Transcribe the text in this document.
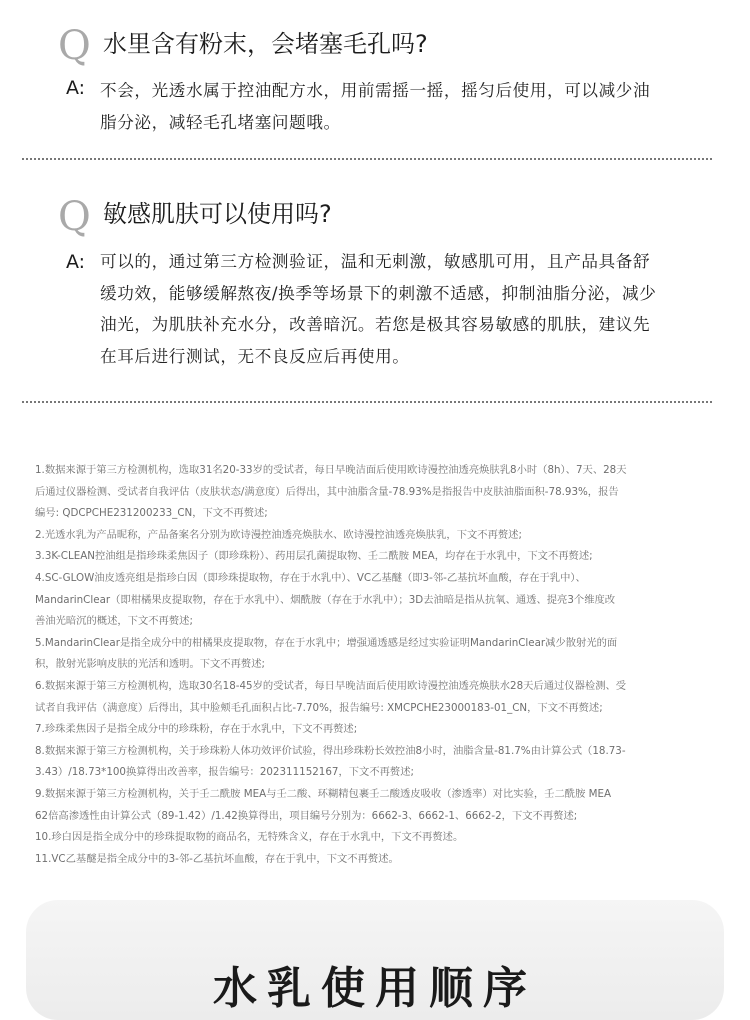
Q 水里含有粉末，会堵塞毛孔吗?
A: 不会，光透水属于控油配方水，用前需摇一摇，摇匀后使用，可以减少油
脂分泌，减轻毛孔堵塞问题哦。
Q 敏感肌肤可以使用吗?
A: 可以的，通过第三方检测验证，温和无刺激，敏感肌可用，且产品具备舒
缓功效，能够缓解熬夜/换季等场景下的刺激不适感，抑制油脂分泌，减少
油光，为肌肤补充水分，改善暗沉。若您是极其容易敏感的肌肤，建议先
在耳后进行测试，无不良反应后再使用。

1.数据来源于第三方检测机构，选取31名20-33岁的受试者，每日早晚洁面后使用欧诗漫控油透亮焕肤乳8小时（8h）、7天、28天

后通过仪器检测、受试者自我评估（皮肤状态/满意度）后得出，其中油脂含量-78.93%是指报告中皮肤油脂面积-78.93%，报告

编号: QDCPCHE231200233_CN，下文不再赘述;

2.光透水乳为产品昵称，产品备案名分别为欧诗漫控油透亮焕肤水、欧诗漫控油透亮焕肤乳，下文不再赘述;

3.3K-CLEAN控油组是指珍珠柔焦因子（即珍珠粉）、药用层孔菌提取物、壬二酰胺 MEA，均存在于水乳中，下文不再赘述;

4.SC-GLOW油皮透亮组是指珍白因（即珍珠提取物，存在于水乳中）、VC乙基醚（即3-邻-乙基抗坏血酸，存在于乳中）、

MandarinClear（即柑橘果皮提取物，存在于水乳中）、烟酰胺（存在于水乳中）；3D去油暗是指从抗氧、通透、提亮3个维度改

善油光暗沉的概述，下文不再赘述;

5.MandarinClear是指全成分中的柑橘果皮提取物，存在于水乳中；增强通透感是经过实验证明MandarinClear减少散射光的面

积，散射光影响皮肤的光活和透明。下文不再赘述;

6.数据来源于第三方检测机构，选取30名18-45岁的受试者，每日早晚洁面后使用欧诗漫控油透亮焕肤水28天后通过仪器检测、受

试者自我评估（满意度）后得出，其中脸颊毛孔面积占比-7.70%，报告编号: XMCPCHE23000183-01_CN，下文不再赘述;

7.珍珠柔焦因子是指全成分中的珍珠粉，存在于水乳中，下文不再赘述;

8.数据来源于第三方检测机构，关于珍珠粉人体功效评价试验，得出珍珠粉长效控油8小时，油脂含量-81.7%由计算公式（18.73-

3.43）/18.73*100换算得出改善率，报告编号：202311152167，下文不再赘述;

9.数据来源于第三方检测机构，关于壬二酰胺 MEA与壬二酸、环糊精包裹壬二酸透皮吸收（渗透率）对比实验，壬二酰胺 MEA

62倍高渗透性由计算公式（89-1.42）/1.42换算得出，项目编号分别为：6662-3、6662-1、6662-2，下文不再赘述;

10.珍白因是指全成分中的珍珠提取物的商品名，无特殊含义，存在于水乳中，下文不再赘述。

11.VC乙基醚是指全成分中的3-邻-乙基抗坏血酸，存在于乳中，下文不再赘述。

水乳使用顺序
